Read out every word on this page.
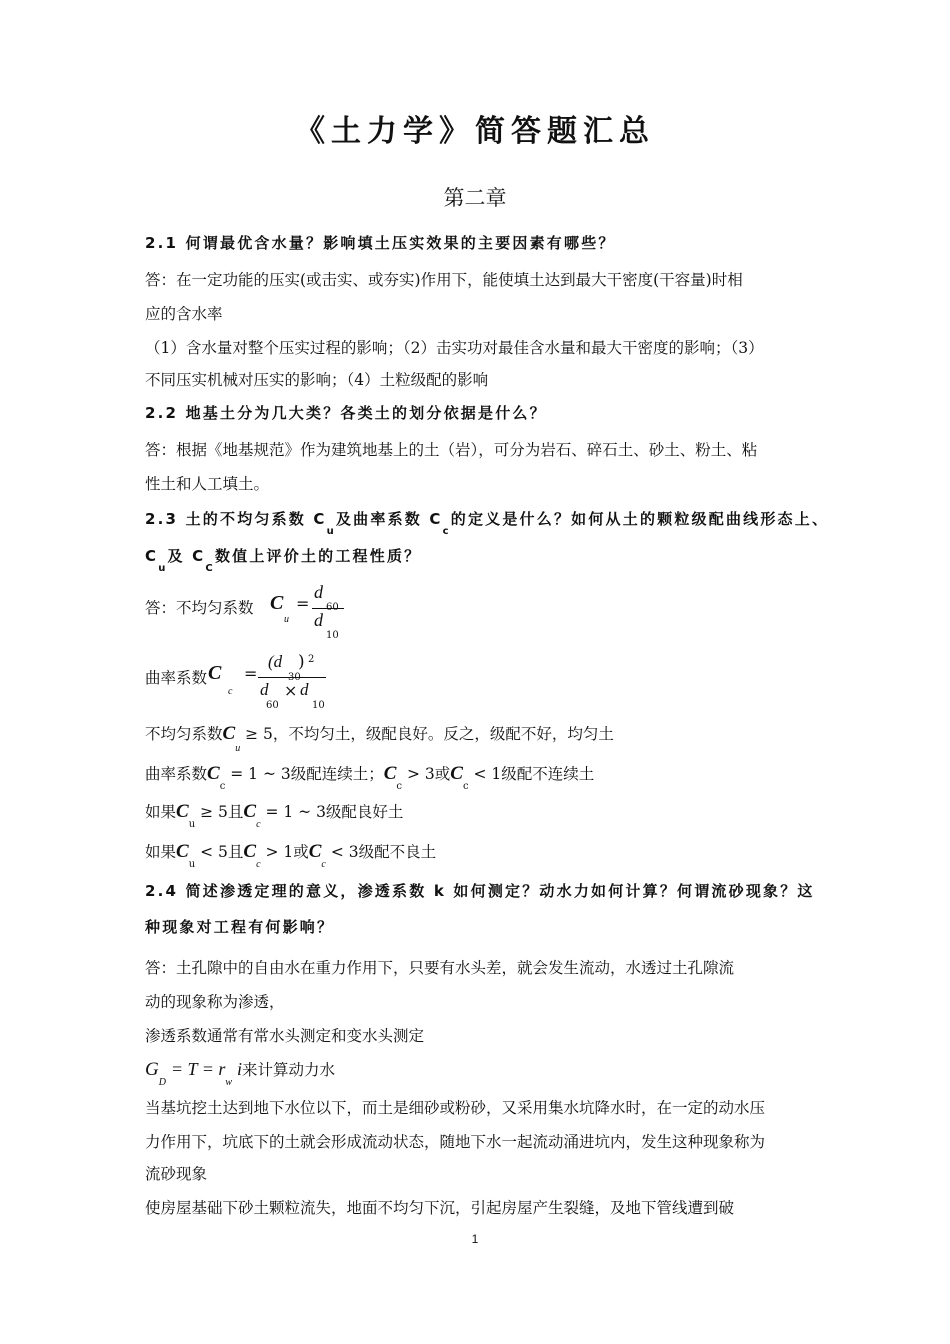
《土力学》简答题汇总
第二章
2.1 何谓最优含水量？影响填土压实效果的主要因素有哪些？
答：在一定功能的压实(或击实、或夯实)作用下，能使填土达到最大干密度(干容量)时相
应的含水率
（1）含水量对整个压实过程的影响；（2）击实功对最佳含水量和最大干密度的影响；（3）
不同压实机械对压实的影响；（4）土粒级配的影响
2.2 地基土分为几大类？各类土的划分依据是什么？
答：根据《地基规范》作为建筑地基上的土（岩），可分为岩石、碎石土、砂土、粉土、粘
性土和人工填土。
2.3 土的不均匀系数 $C_u$及曲率系数 $C_c$的定义是什么？如何从土的颗粒级配曲线形态上、
$C_u$及 $C_C$数值上评价土的工程性质？
答：不均匀系数 C
u
=
d
d
10
曲率系数 C
c
=
(d ) 2
d
60
× d
10
不均匀系数$C_u \ge 5$，不均匀土，级配良好。反之，级配不好，均匀土
曲率系数$C_c = 1$ ~ 3级配连续土；$C_c > 3$或$C_c < 1$级配不连续土
如果$C_u \ge 5$且$C_c = 1$ ~ 3级配良好土
如果$C_u < 5$且$C_c > 1$或$C_c < 3$级配不良土
2.4 简述渗透定理的意义，渗透系数 k 如何测定？动水力如何计算？何谓流砂现象？这
种现象对工程有何影响？
答：土孔隙中的自由水在重力作用下，只要有水头差，就会发生流动，水透过土孔隙流
动的现象称为渗透，
渗透系数通常有常水头测定和变水头测定
$G_D = T = r_w$ i来计算动力水
当基坑挖土达到地下水位以下，而土是细砂或粉砂，又采用集水坑降水时，在一定的动水压
力作用下，坑底下的土就会形成流动状态，随地下水一起流动涌进坑内，发生这种现象称为
流砂现象
使房屋基础下砂土颗粒流失，地面不均匀下沉，引起房屋产生裂缝，及地下管线遭到破
1
